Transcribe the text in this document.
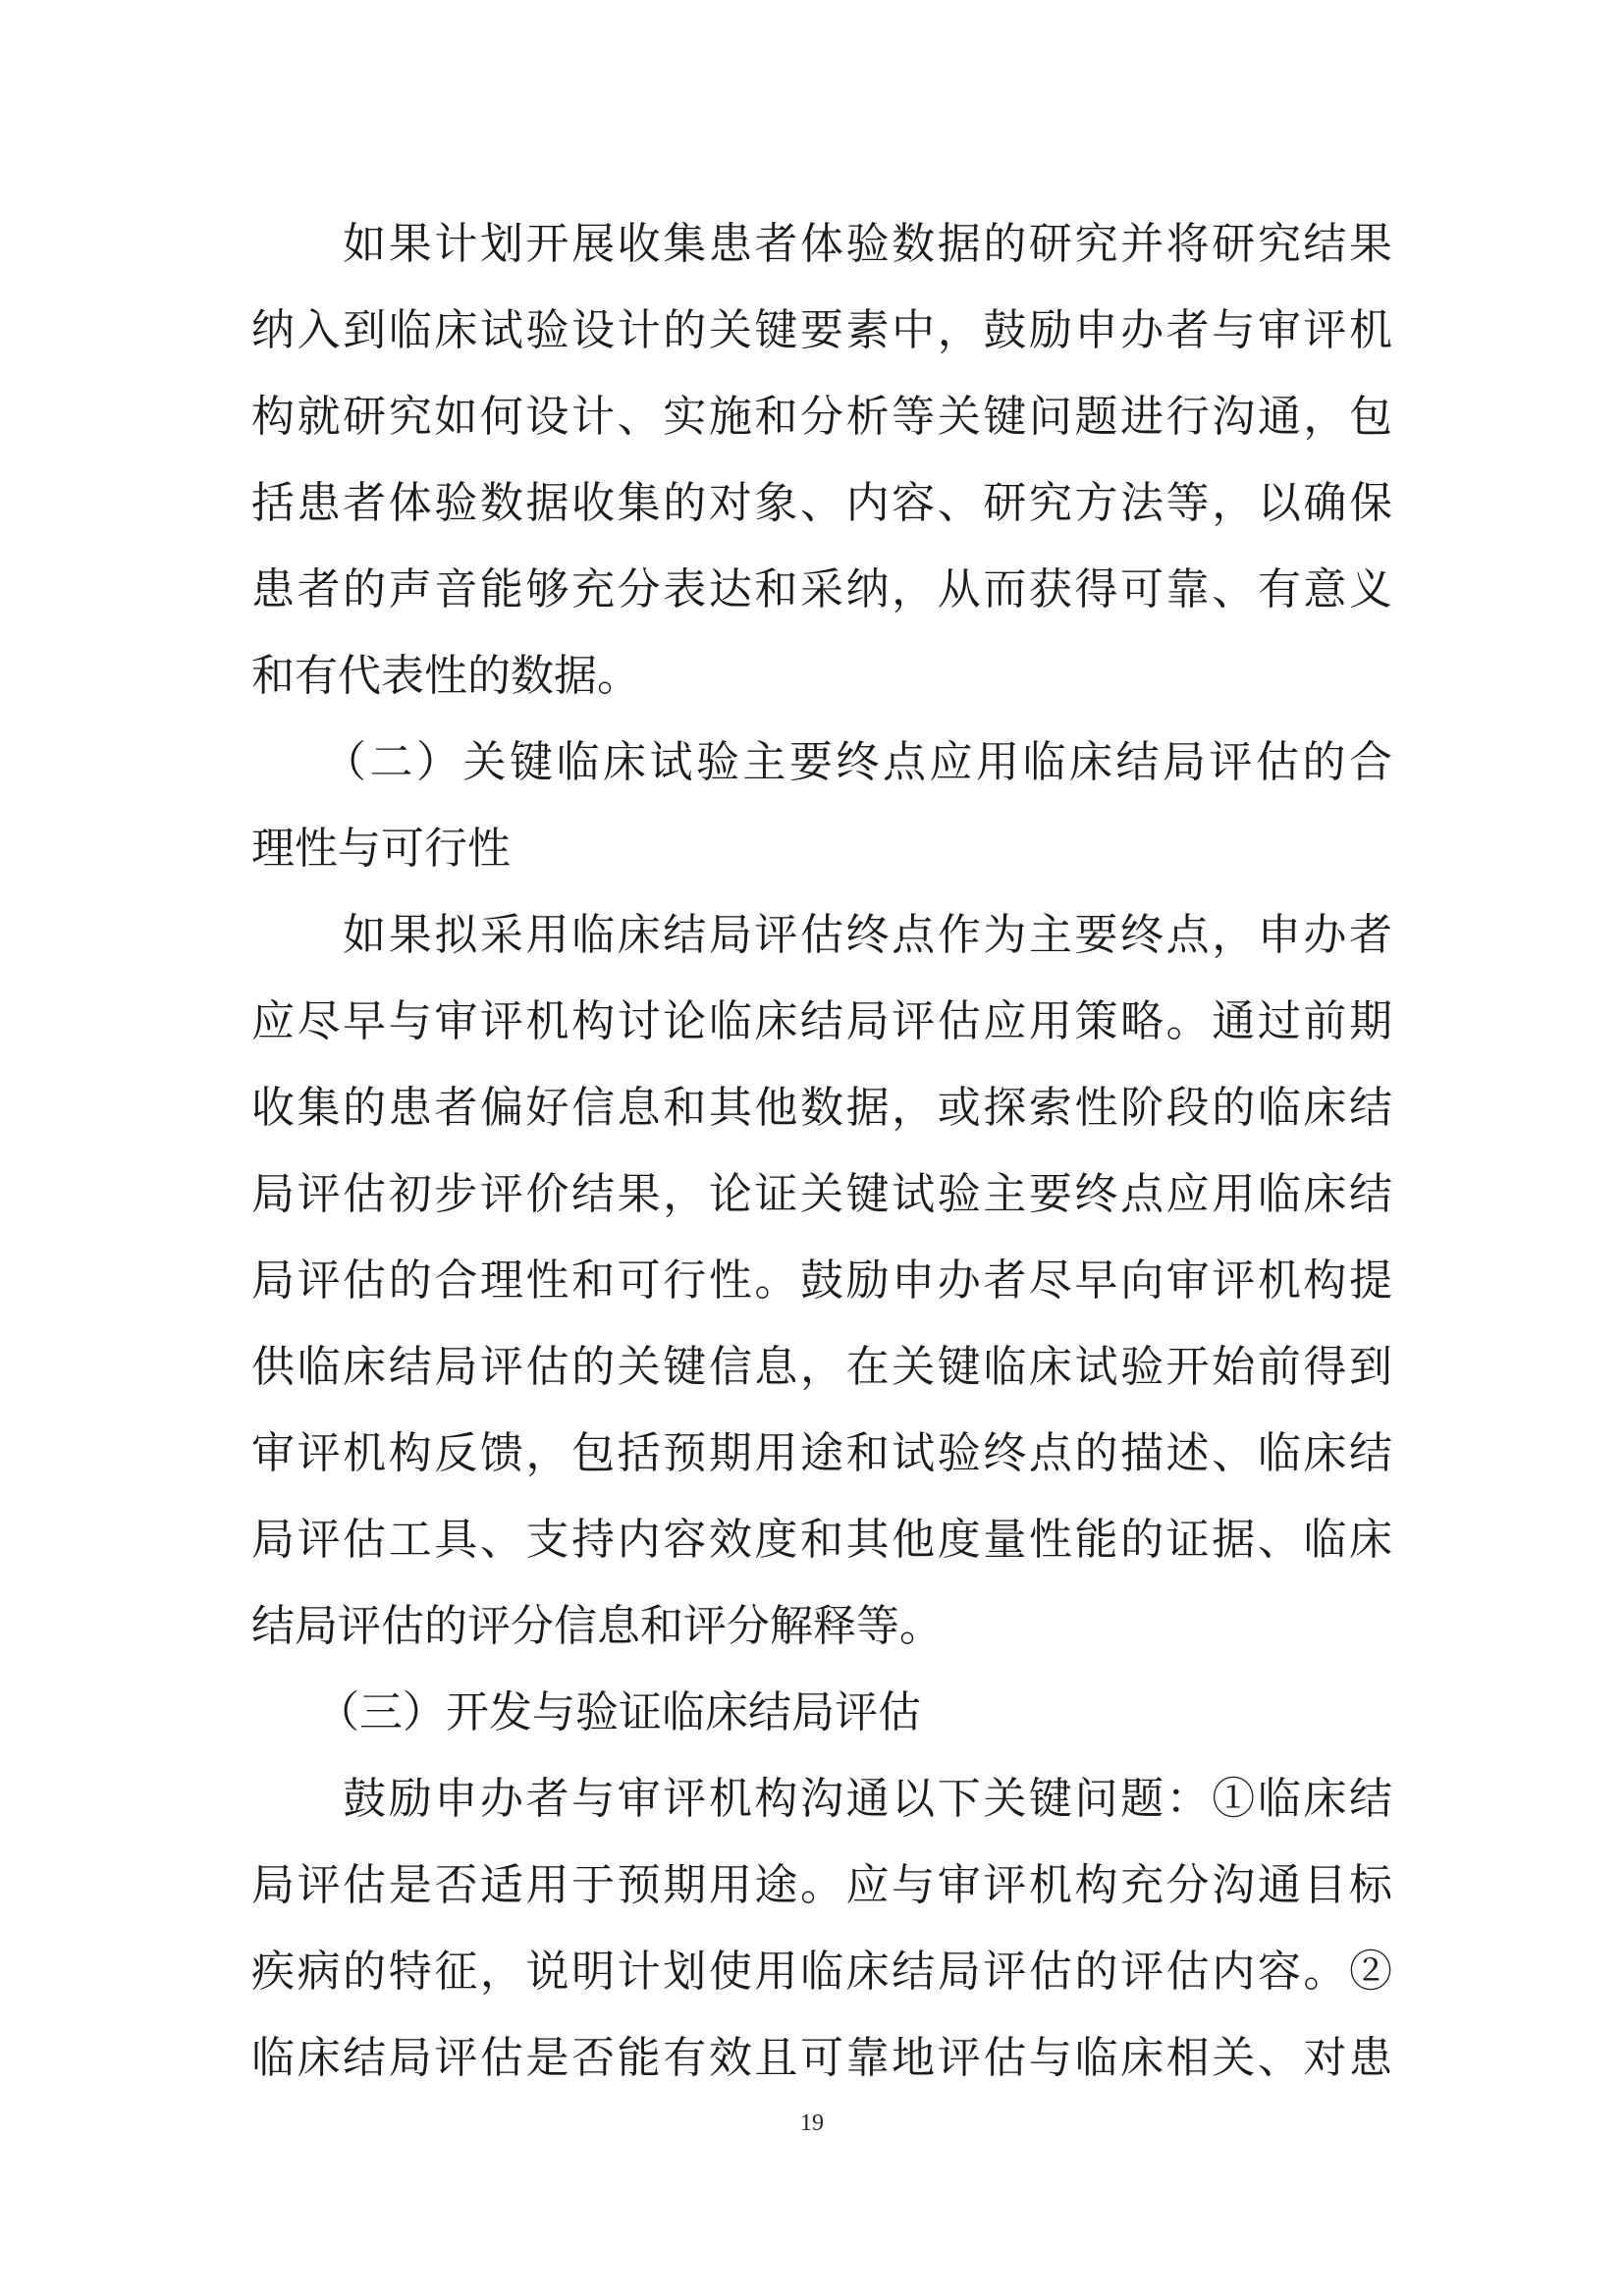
　　如果计划开展收集患者体验数据的研究并将研究结果
纳入到临床试验设计的关键要素中，鼓励申办者与审评机
构就研究如何设计、实施和分析等关键问题进行沟通，包
括患者体验数据收集的对象、内容、研究方法等，以确保
患者的声音能够充分表达和采纳，从而获得可靠、有意义
和有代表性的数据。
　　（二）关键临床试验主要终点应用临床结局评估的合
理性与可行性
　　如果拟采用临床结局评估终点作为主要终点，申办者
应尽早与审评机构讨论临床结局评估应用策略。通过前期
收集的患者偏好信息和其他数据，或探索性阶段的临床结
局评估初步评价结果，论证关键试验主要终点应用临床结
局评估的合理性和可行性。鼓励申办者尽早向审评机构提
供临床结局评估的关键信息，在关键临床试验开始前得到
审评机构反馈，包括预期用途和试验终点的描述、临床结
局评估工具、支持内容效度和其他度量性能的证据、临床
结局评估的评分信息和评分解释等。
　　（三）开发与验证临床结局评估
　　鼓励申办者与审评机构沟通以下关键问题：①临床结
局评估是否适用于预期用途。应与审评机构充分沟通目标
疾病的特征，说明计划使用临床结局评估的评估内容。②
临床结局评估是否能有效且可靠地评估与临床相关、对患
19
